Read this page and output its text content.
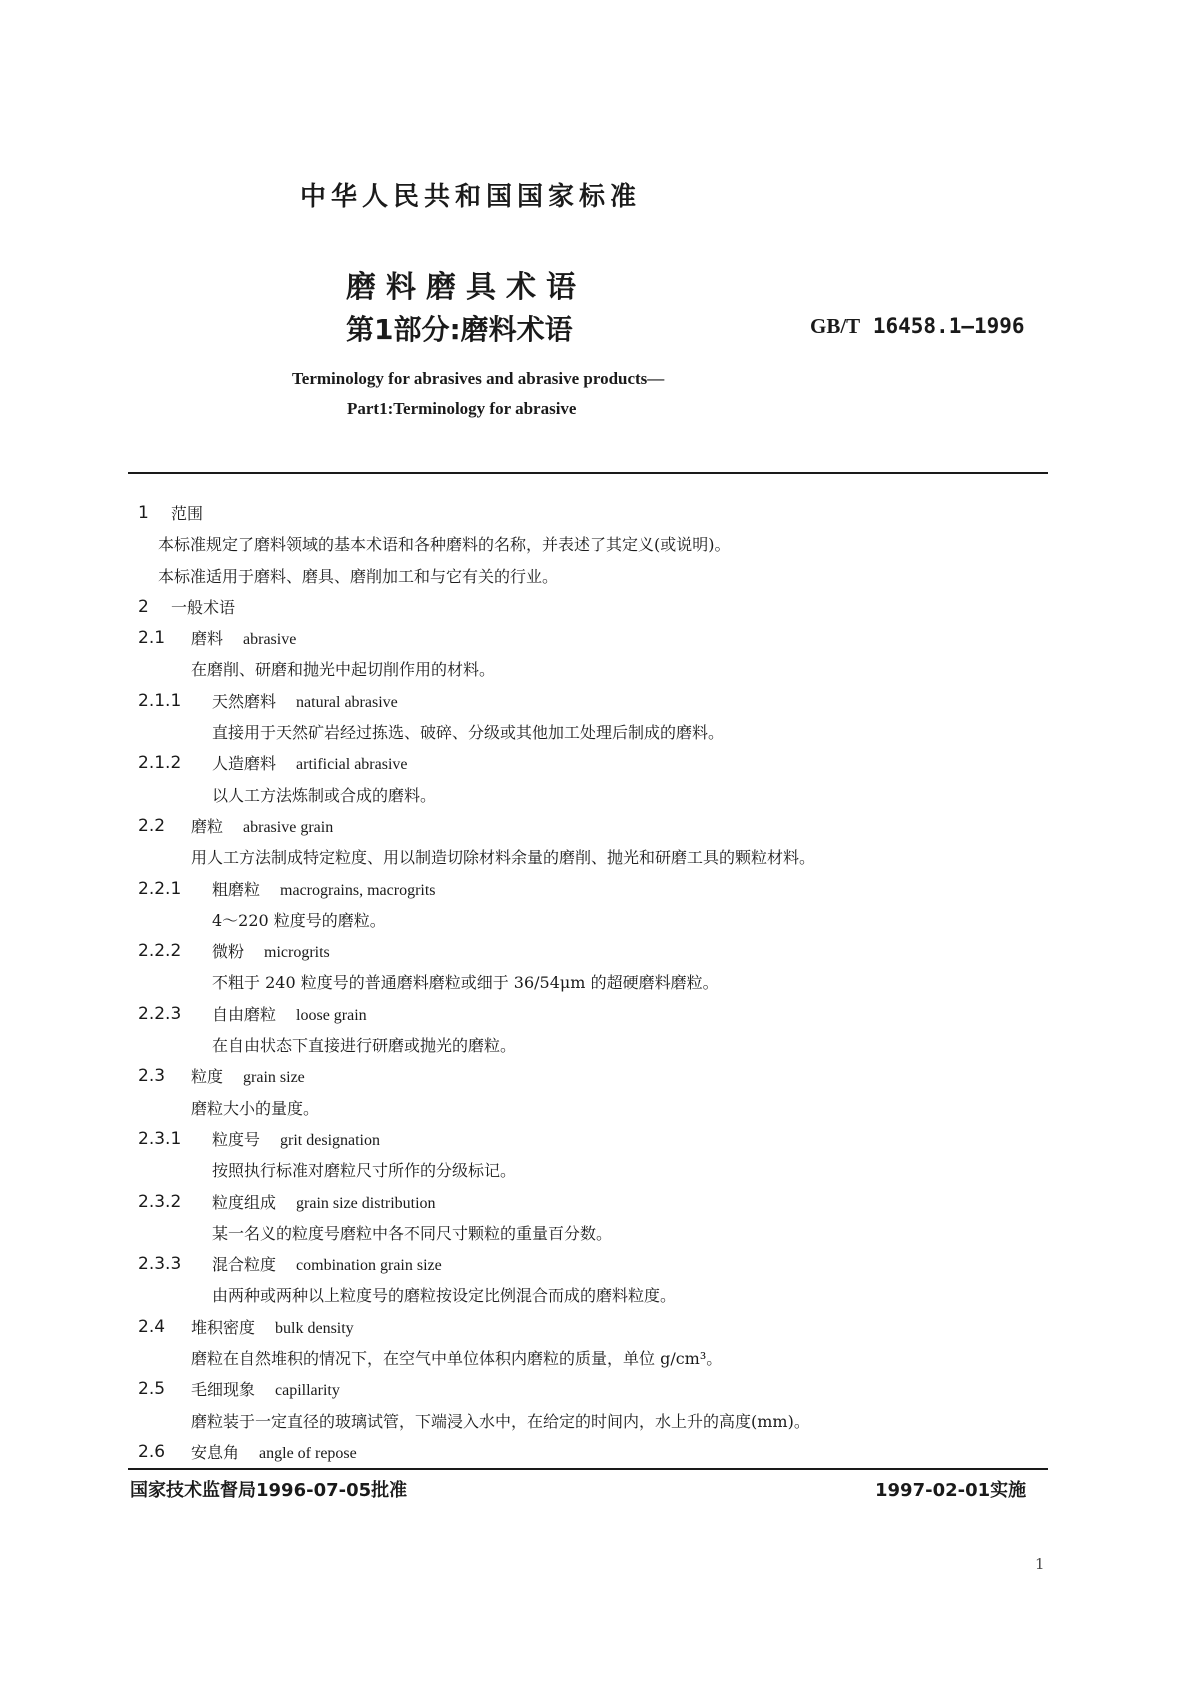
中华人民共和国国家标准
磨料磨具术语
第1部分:磨料术语	GB/T 16458.1—1996
Terminology for abrasives and abrasive products—
Part1:Terminology for abrasive
1 范围
本标准规定了磨料领域的基本术语和各种磨料的名称，并表述了其定义(或说明)。
本标准适用于磨料、磨具、磨削加工和与它有关的行业。
2 一般术语
2.1 磨料 abrasive
在磨削、研磨和抛光中起切削作用的材料。
2.1.1 天然磨料 natural abrasive
直接用于天然矿岩经过拣选、破碎、分级或其他加工处理后制成的磨料。
2.1.2 人造磨料 artificial abrasive
以人工方法炼制或合成的磨料。
2.2 磨粒 abrasive grain
用人工方法制成特定粒度、用以制造切除材料余量的磨削、抛光和研磨工具的颗粒材料。
2.2.1 粗磨粒 macrograins, macrogrits
4～220 粒度号的磨粒。
2.2.2 微粉 microgrits
不粗于 240 粒度号的普通磨料磨粒或细于 36/54μm 的超硬磨料磨粒。
2.2.3 自由磨粒 loose grain
在自由状态下直接进行研磨或抛光的磨粒。
2.3 粒度 grain size
磨粒大小的量度。
2.3.1 粒度号 grit designation
按照执行标准对磨粒尺寸所作的分级标记。
2.3.2 粒度组成 grain size distribution
某一名义的粒度号磨粒中各不同尺寸颗粒的重量百分数。
2.3.3 混合粒度 combination grain size
由两种或两种以上粒度号的磨粒按设定比例混合而成的磨料粒度。
2.4 堆积密度 bulk density
磨粒在自然堆积的情况下，在空气中单位体积内磨粒的质量，单位 g/cm³。
2.5 毛细现象 capillarity
磨粒装于一定直径的玻璃试管，下端浸入水中，在给定的时间内，水上升的高度(mm)。
2.6 安息角 angle of repose
国家技术监督局1996-07-05批准	1997-02-01实施
1
